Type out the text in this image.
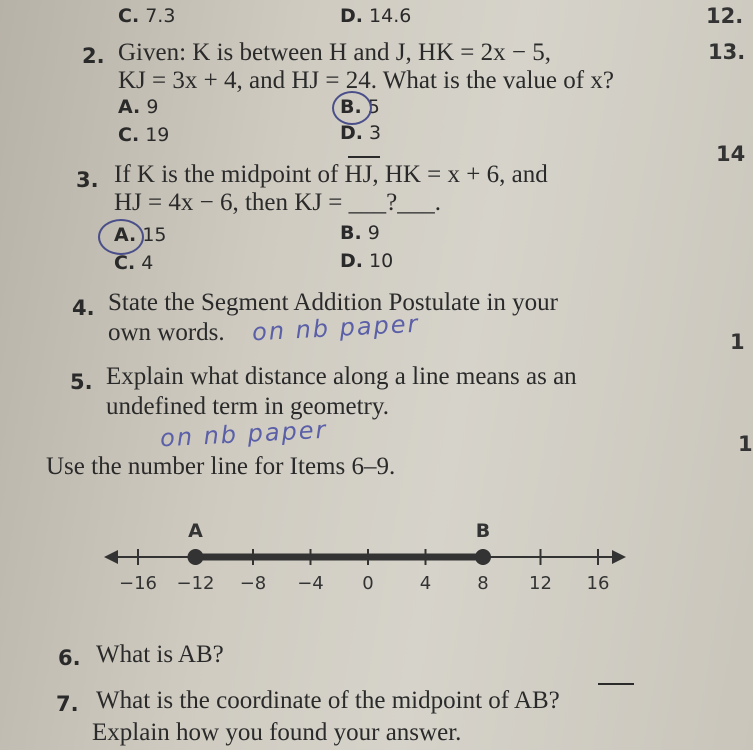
C. 7.3	D. 14.6	12.
13.
14
1
1
2. Given: K is between H and J, HK = 2x − 5,
KJ = 3x + 4, and HJ = 24. What is the value of x?
A. 9	B. 5
C. 19	D. 3
3. If K is the midpoint of HJ, HK = x + 6, and
HJ = 4x − 6, then KJ = ___?___.
A. 15	B. 9
C. 4	D. 10
4. State the Segment Addition Postulate in your
own words. on nb paper
5. Explain what distance along a line means as an
undefined term in geometry.
on nb paper
Use the number line for Items 6–9.
−16 −12 −8 −4 0	4	8 12 16
A	B
6. What is AB?
7. What is the coordinate of the midpoint of AB?
Explain how you found your answer.
